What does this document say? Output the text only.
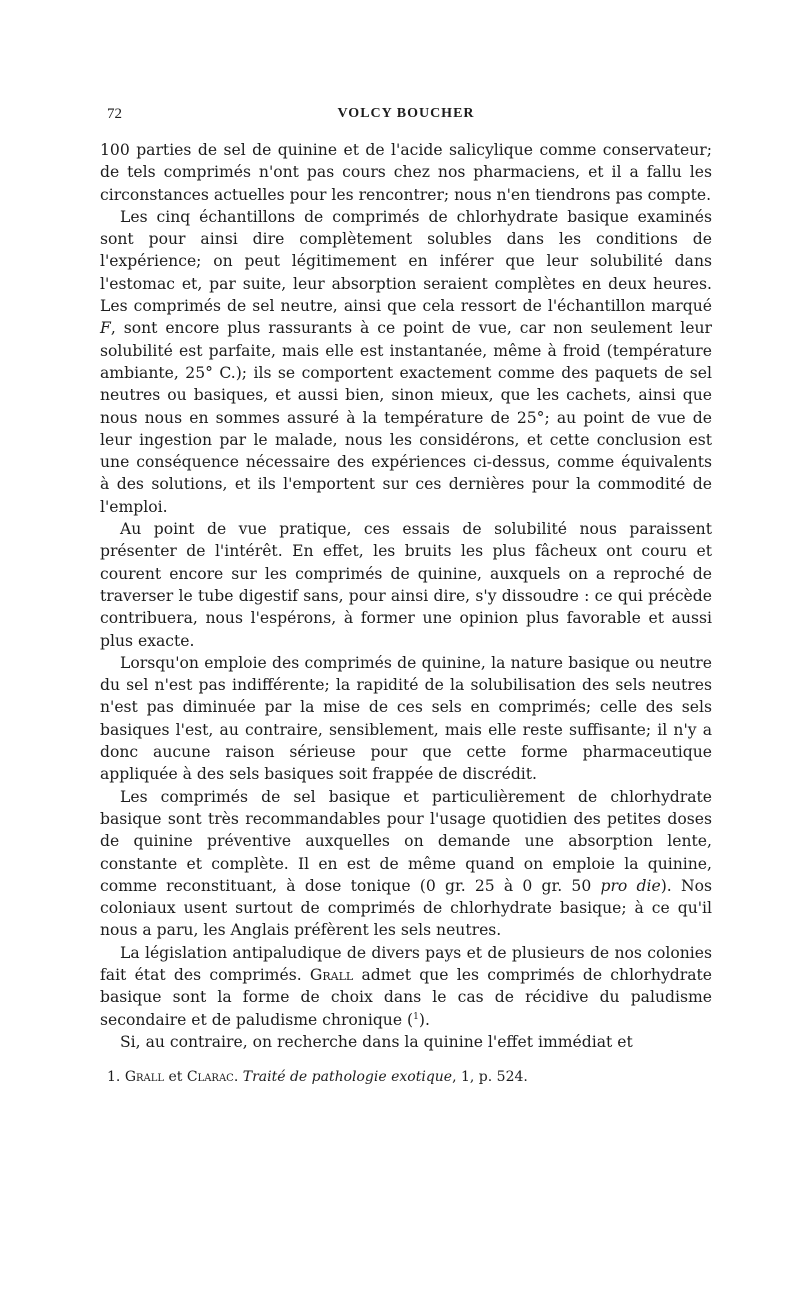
72	VOLCY BOUCHER

100 parties de sel de quinine et de l'acide salicylique comme conservateur; de tels comprimés n'ont pas cours chez nos pharmaciens, et il a fallu les circonstances actuelles pour les rencontrer; nous n'en tiendrons pas compte.

Les cinq échantillons de comprimés de chlorhydrate basique examinés sont pour ainsi dire complètement solubles dans les conditions de l'expérience; on peut légitimement en inférer que leur solubilité dans l'estomac et, par suite, leur absorption seraient complètes en deux heures. Les comprimés de sel neutre, ainsi que cela ressort de l'échantillon marqué F, sont encore plus rassurants à ce point de vue, car non seulement leur solubilité est parfaite, mais elle est instantanée, même à froid (température ambiante, 25° C.); ils se comportent exactement comme des paquets de sel neutres ou basiques, et aussi bien, sinon mieux, que les cachets, ainsi que nous nous en sommes assuré à la température de 25°; au point de vue de leur ingestion par le malade, nous les considérons, et cette conclusion est une conséquence nécessaire des expériences ci-dessus, comme équivalents à des solutions, et ils l'emportent sur ces dernières pour la commodité de l'emploi.

Au point de vue pratique, ces essais de solubilité nous paraissent présenter de l'intérêt. En effet, les bruits les plus fâcheux ont couru et courent encore sur les comprimés de quinine, auxquels on a reproché de traverser le tube digestif sans, pour ainsi dire, s'y dissoudre : ce qui précède contribuera, nous l'espérons, à former une opinion plus favorable et aussi plus exacte.

Lorsqu'on emploie des comprimés de quinine, la nature basique ou neutre du sel n'est pas indifférente; la rapidité de la solubilisation des sels neutres n'est pas diminuée par la mise de ces sels en comprimés; celle des sels basiques l'est, au contraire, sensiblement, mais elle reste suffisante; il n'y a donc aucune raison sérieuse pour que cette forme pharmaceutique appliquée à des sels basiques soit frappée de discrédit.

Les comprimés de sel basique et particulièrement de chlorhydrate basique sont très recommandables pour l'usage quotidien des petites doses de quinine préventive auxquelles on demande une absorption lente, constante et complète. Il en est de même quand on emploie la quinine, comme reconstituant, à dose tonique (0 gr. 25 à 0 gr. 50 pro die). Nos coloniaux usent surtout de comprimés de chlorhydrate basique; à ce qu'il nous a paru, les Anglais préfèrent les sels neutres.

La législation antipaludique de divers pays et de plusieurs de nos colonies fait état des comprimés. Grall admet que les comprimés de chlorhydrate basique sont la forme de choix dans le cas de récidive du paludisme secondaire et de paludisme chronique ($^1$).

Si, au contraire, on recherche dans la quinine l'effet immédiat et

1. Grall et Clarac. Traité de pathologie exotique, 1, p. 524.
